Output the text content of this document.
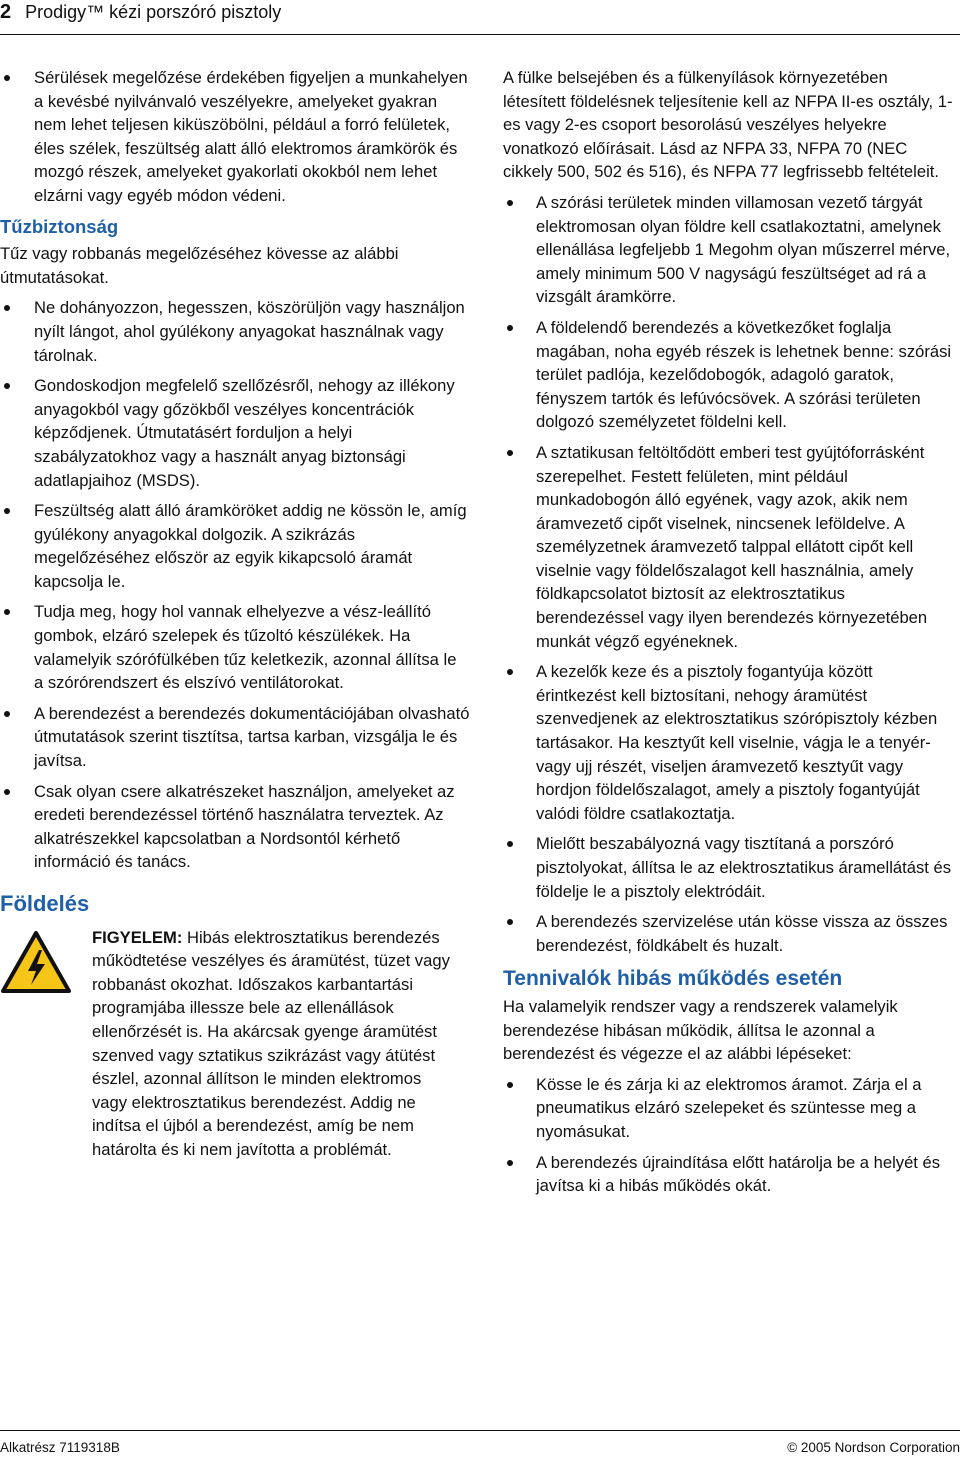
2 Prodigy™ kézi porszóró pisztoly
Sérülések megelőzése érdekében figyeljen a munkahelyen a kevésbé nyilvánvaló veszélyekre, amelyeket gyakran nem lehet teljesen kiküszöbölni, például a forró felületek, éles szélek, feszültség alatt álló elektromos áramkörök és mozgó részek, amelyeket gyakorlati okokból nem lehet elzárni vagy egyéb módon védeni.
Tűzbiztonság
Tűz vagy robbanás megelőzéséhez kövesse az alábbi útmutatásokat.
Ne dohányozzon, hegesszen, köszörüljön vagy használjon nyílt lángot, ahol gyúlékony anyagokat használnak vagy tárolnak.
Gondoskodjon megfelelő szellőzésről, nehogy az illékony anyagokból vagy gőzökből veszélyes koncentrációk képződjenek. Útmutatásért forduljon a helyi szabályzatokhoz vagy a használt anyag biztonsági adatlapjaihoz (MSDS).
Feszültség alatt álló áramköröket addig ne kössön le, amíg gyúlékony anyagokkal dolgozik. A szikrázás megelőzéséhez először az egyik kikapcsoló áramát kapcsolja le.
Tudja meg, hogy hol vannak elhelyezve a vész-leállító gombok, elzáró szelepek és tűzoltó készülékek. Ha valamelyik szórófülkében tűz keletkezik, azonnal állítsa le a szórórendszert és elszívó ventilátorokat.
A berendezést a berendezés dokumentációjában olvasható útmutatások szerint tisztítsa, tartsa karban, vizsgálja le és javítsa.
Csak olyan csere alkatrészeket használjon, amelyeket az eredeti berendezéssel történő használatra terveztek. Az alkatrészekkel kapcsolatban a Nordsontól kérhető információ és tanács.
Földelés
FIGYELEM: Hibás elektrosztatikus berendezés működtetése veszélyes és áramütést, tüzet vagy robbanást okozhat. Időszakos karbantartási programjába illessze bele az ellenállások ellenőrzését is. Ha akárcsak gyenge áramütést szenved vagy sztatikus szikrázást vagy átütést észlel, azonnal állítson le minden elektromos vagy elektrosztatikus berendezést. Addig ne indítsa el újból a berendezést, amíg be nem határolta és ki nem javította a problémát.
A fülke belsejében és a fülkenyílások környezetében létesített földelésnek teljesítenie kell az NFPA II-es osztály, 1-es vagy 2-es csoport besorolású veszélyes helyekre vonatkozó előírásait. Lásd az NFPA 33, NFPA 70 (NEC cikkely 500, 502 és 516), és NFPA 77 legfrissebb feltételeit.
A szórási területek minden villamosan vezető tárgyát elektromosan olyan földre kell csatlakoztatni, amelynek ellenállása legfeljebb 1 Megohm olyan műszerrel mérve, amely minimum 500 V nagyságú feszültséget ad rá a vizsgált áramkörre.
A földelendő berendezés a következőket foglalja magában, noha egyéb részek is lehetnek benne: szórási terület padlója, kezelődobogók, adagoló garatok, fényszem tartók és lefúvócsövek. A szórási területen dolgozó személyzetet földelni kell.
A sztatikusan feltöltődött emberi test gyújtóforrásként szerepelhet. Festett felületen, mint például munkadobogón álló egyének, vagy azok, akik nem áramvezető cipőt viselnek, nincsenek leföldelve. A személyzetnek áramvezető talppal ellátott cipőt kell viselnie vagy földelőszalagot kell használnia, amely földkapcsolatot biztosít az elektrosztatikus berendezéssel vagy ilyen berendezés környezetében munkát végző egyéneknek.
A kezelők keze és a pisztoly fogantyúja között érintkezést kell biztosítani, nehogy áramütést szenvedjenek az elektrosztatikus szórópisztoly kézben tartásakor. Ha kesztyűt kell viselnie, vágja le a tenyér- vagy ujj részét, viseljen áramvezető kesztyűt vagy hordjon földelőszalagot, amely a pisztoly fogantyúját valódi földre csatlakoztatja.
Mielőtt beszabályozná vagy tisztítaná a porszóró pisztolyokat, állítsa le az elektrosztatikus áramellátást és földelje le a pisztoly elektródáit.
A berendezés szervizelése után kösse vissza az összes berendezést, földkábelt és huzalt.
Tennivalók hibás működés esetén
Ha valamelyik rendszer vagy a rendszerek valamelyik berendezése hibásan működik, állítsa le azonnal a berendezést és végezze el az alábbi lépéseket:
Kösse le és zárja ki az elektromos áramot. Zárja el a pneumatikus elzáró szelepeket és szüntesse meg a nyomásukat.
A berendezés újraindítása előtt határolja be a helyét és javítsa ki a hibás működés okát.
Alkatrész 7119318B	© 2005 Nordson Corporation
